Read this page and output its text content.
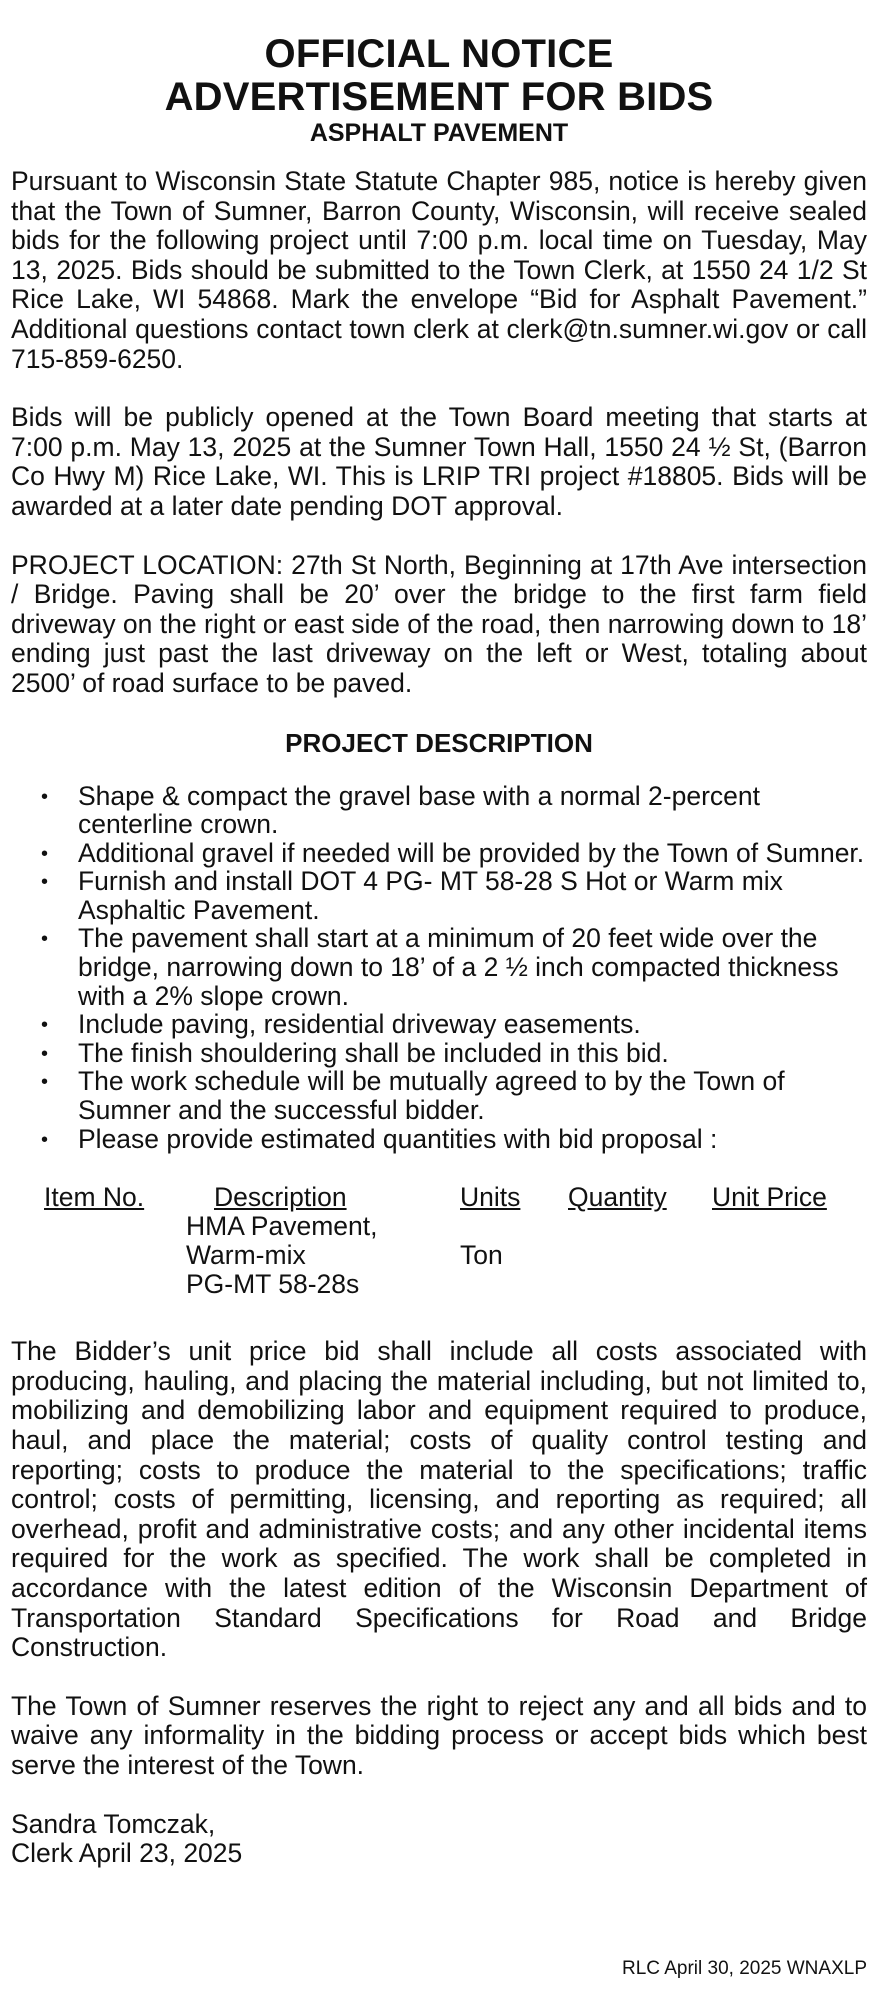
OFFICIAL NOTICE
ADVERTISEMENT FOR BIDS
ASPHALT PAVEMENT

Pursuant to Wisconsin State Statute Chapter 985, notice is hereby given that the Town of Sumner, Barron County, Wisconsin, will receive sealed bids for the following project until 7:00 p.m. local time on Tuesday, May 13, 2025. Bids should be submitted to the Town Clerk, at 1550 24 1/2 St Rice Lake, WI 54868. Mark the envelope “Bid for Asphalt Pavement.” Additional questions contact town clerk at clerk@tn.sumner.wi.gov or call 715-859-6250.

Bids will be publicly opened at the Town Board meeting that starts at 7:00 p.m. May 13, 2025 at the Sumner Town Hall, 1550 24 ½ St, (Barron Co Hwy M) Rice Lake, WI. This is LRIP TRI project #18805. Bids will be awarded at a later date pending DOT approval.

PROJECT LOCATION: 27th St North, Beginning at 17th Ave intersection / Bridge. Paving shall be 20’ over the bridge to the first farm field driveway on the right or east side of the road, then narrowing down to 18’ ending just past the last driveway on the left or West, totaling about 2500’ of road surface to be paved.

PROJECT DESCRIPTION
• Shape & compact the gravel base with a normal 2-percent centerline crown.
• Additional gravel if needed will be provided by the Town of Sumner.
• Furnish and install DOT 4 PG- MT 58-28 S Hot or Warm mix Asphaltic Pavement.
• The pavement shall start at a minimum of 20 feet wide over the bridge, narrowing down to 18’ of a 2 ½ inch compacted thickness with a 2% slope crown.
• Include paving, residential driveway easements.
• The finish shouldering shall be included in this bid.
• The work schedule will be mutually agreed to by the Town of Sumner and the successful bidder.
• Please provide estimated quantities with bid proposal :
Item No.	Description	Units Quantity Unit Price
HMA Pavement,
Warm-mix
PG-MT 58-28s
Ton

The Bidder’s unit price bid shall include all costs associated with producing, hauling, and placing the material including, but not limited to, mobilizing and demobilizing labor and equipment required to produce, haul, and place the material; costs of quality control testing and reporting; costs to produce the material to the specifications; traffic control; costs of permitting, licensing, and reporting as required; all overhead, profit and administrative costs; and any other incidental items required for the work as specified. The work shall be completed in accordance with the latest edition of the Wisconsin Department of Transportation Standard Specifications for Road and Bridge Construction.

The Town of Sumner reserves the right to reject any and all bids and to waive any informality in the bidding process or accept bids which best serve the interest of the Town.

Sandra Tomczak,

Clerk April 23, 2025

RLC April 30, 2025 WNAXLP
